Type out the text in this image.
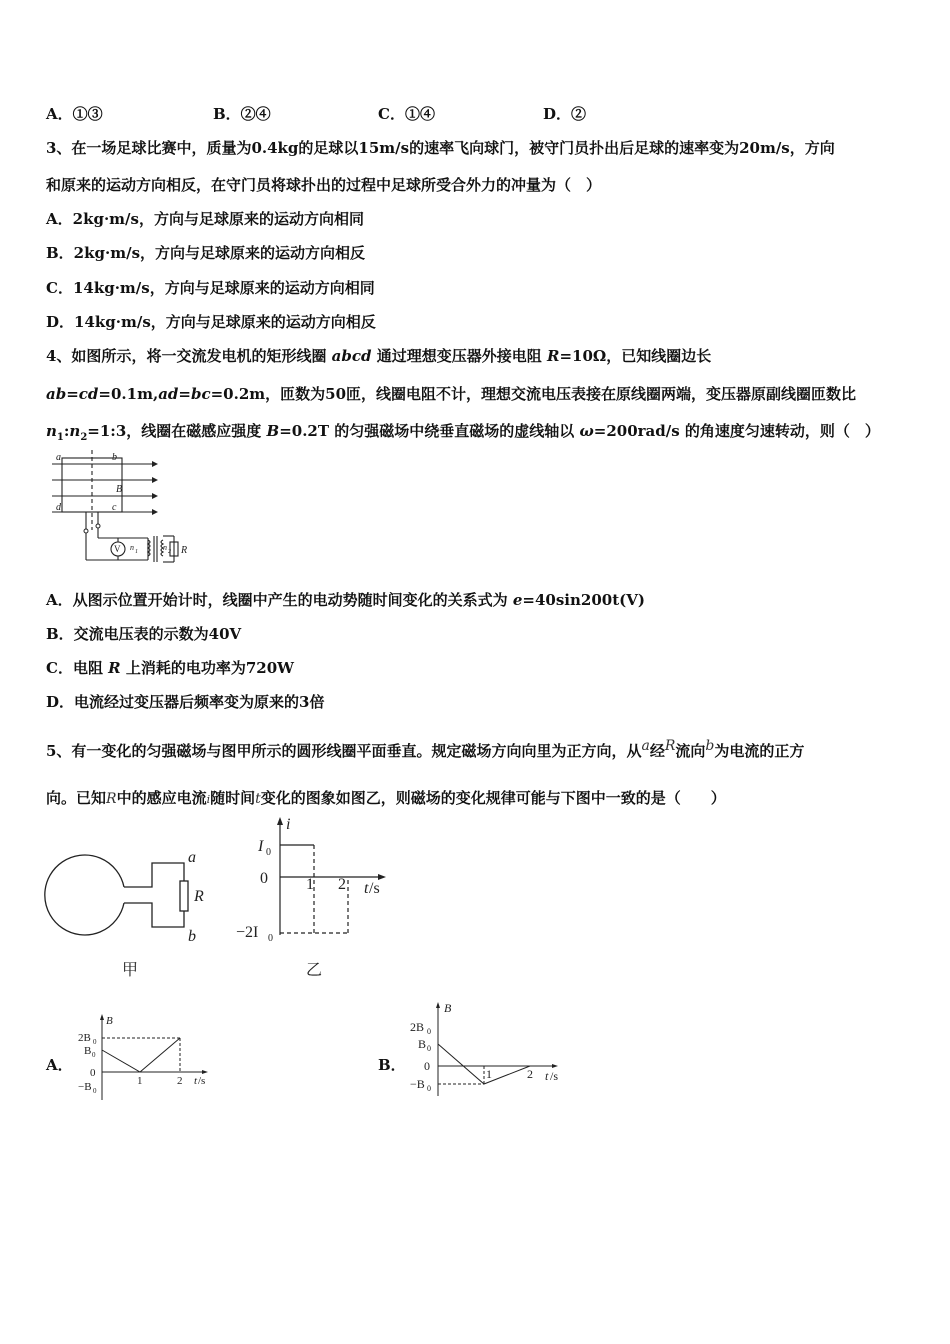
A．①③	B．②④	C．①④	D．②
3、在一场足球比赛中，质量为0.4kg的足球以15m/s的速率飞向球门，被守门员扑出后足球的速率变为20m/s，方向
和原来的运动方向相反，在守门员将球扑出的过程中足球所受合外力的冲量为（　）
A．2kg·m/s，方向与足球原来的运动方向相同
B．2kg·m/s，方向与足球原来的运动方向相反
C．14kg·m/s，方向与足球原来的运动方向相同
D．14kg·m/s，方向与足球原来的运动方向相反
4、如图所示，将一交流发电机的矩形线圈 abcd 通过理想变压器外接电阻 R=10Ω，已知线圈边长
ab=cd=0.1m,ad=bc=0.2m，匝数为50匝，线圈电阻不计，理想交流电压表接在原线圈两端，变压器原副线圈匝数比
$n_1:n_2=1:3$，线圈在磁感应强度 B=0.2T 的匀强磁场中绕垂直磁场的虚线轴以 ω=200rad/s 的角速度匀速转动，则（　）
a	b
B
d	c
V n 1	n 2 R
A．从图示位置开始计时，线圈中产生的电动势随时间变化的关系式为 e=40sin200t(V)
B．交流电压表的示数为40V
C．电阻 R 上消耗的电功率为720W
D．电流经过变压器后频率变为原来的3倍
5、有一变化的匀强磁场与图甲所示的圆形线圈平面垂直。规定磁场方向向里为正方向，从$^a$经$^R$流向$^b$为电流的正方
向。已知R中的感应电流i随时间t变化的图象如图乙，则磁场的变化规律可能与下图中一致的是（　　）
a
R
b
甲
i
I 0
0
−2I 0
1 2 t /s
乙
A．
B
2B 0
B 0
0
−B 0
1	2 t /s
B．
B
2B 0
B 0
0
−B 0
1	2 t /s
